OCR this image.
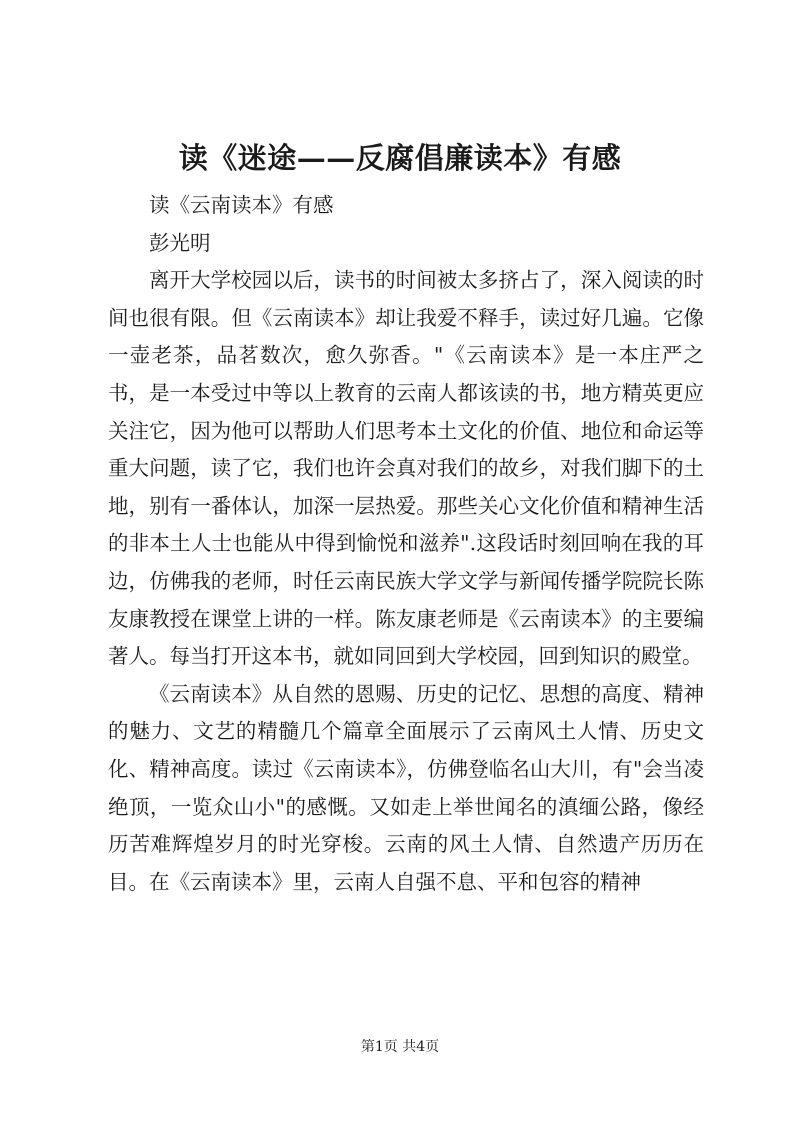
读《迷途——反腐倡廉读本》有感

读《云南读本》有感

彭光明

离开大学校园以后，读书的时间被太多挤占了，深入阅读的时间也很有限。但《云南读本》却让我爱不释手，读过好几遍。它像一壶老茶，品茗数次，愈久弥香。"《云南读本》是一本庄严之书，是一本受过中等以上教育的云南人都该读的书，地方精英更应关注它，因为他可以帮助人们思考本土文化的价值、地位和命运等重大问题，读了它，我们也许会真对我们的故乡，对我们脚下的土地，别有一番体认，加深一层热爱。那些关心文化价值和精神生活的非本土人士也能从中得到愉悦和滋养".这段话时刻回响在我的耳边，仿佛我的老师，时任云南民族大学文学与新闻传播学院院长陈友康教授在课堂上讲的一样。陈友康老师是《云南读本》的主要编著人。每当打开这本书，就如同回到大学校园，回到知识的殿堂。

《云南读本》从自然的恩赐、历史的记忆、思想的高度、精神的魅力、文艺的精髓几个篇章全面展示了云南风土人情、历史文化、精神高度。读过《云南读本》，仿佛登临名山大川，有"会当凌绝顶，一览众山小"的感慨。又如走上举世闻名的滇缅公路，像经历苦难辉煌岁月的时光穿梭。云南的风土人情、自然遗产历历在目。在《云南读本》里，云南人自强不息、平和包容的精神

第1页 共4页
